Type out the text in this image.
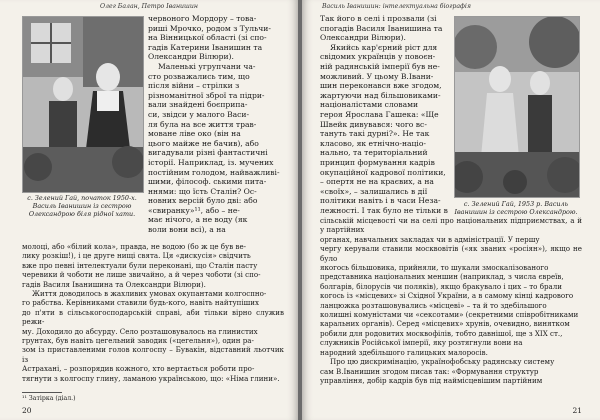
Олег Балан, Петро Іванишин
с. Зелений Гай, початок 1950-х. Василь Іванишин із сестрою Олександрою біля рідної хати.
червоного Мордору – това-
риші Мрочко, родом з Тульчи-
на Вінницької області (зі спо-
гадів Катерини Іванишин та
Олександри Вілюри).
Маленькі угрупчани ча-
сто розважались тим, що
після війни – стрілки з
різноманітної зброї та підри-
вали знайдені боєприпа-
си, звідси у малого Васи-
ля була на все життя трав-
моване ліве око (він на
цього майже не бачив), або
вигадували різні фантастичні
історії. Наприклад, із. мучених
постійним голодом, найважливі-
шими, філософ. ськими пита-
ннями: що їсть Сталін? Ос-
новних версій було дві: або
«свиранку»¹¹, або – не-
має нічого, а не воду (як
воли вони всі), а на
молоці, або «білий кола», правда, не водою (бо ж це був ве-
лику розкіш!), і це друге нищі свята. Ця «дискусія» свідчить
вже про певні інтелектуали були переконані, що Сталін пасту
черевики й чоботи не лише звичайно, а й через чоботи (зі спо-
гадів Василя Іванишина та Олександри Вілюри).
Життя доводилось в жахливих умовах окупантами колгоспно-
го рабства. Керівниками ставили будь-кого, навіть найтупіших
до п'яти в сільськогосподарській справі, аби тільки вірно служив режи-
му. Доходило до абсурду. Село розташовувалось на глинистих
грунтах, був навіть цегельний заводик («цегельня»), один ра-
зом із приставленими голов колгоспу – Бувакін, відставний льотчик із
Астрахані, – розпорядив кожного, хто вертається роботи про-
тягнути з колгоспу глину, ламаною українською, що: «Німа глини».
¹¹ Затірка (діал.)
20
Василь Іванишин: інтелектуальна біографія
Так його в селі і прозвали (зі
спогадів Василя Іванишина та
Олександри Вілюри).
Якийсь кар'єрний ріст для
свідомих українців у повоєн-
ній радянській імперії був не-
можливий. У цьому В.Івани-
шин переконався вже згодом,
жартуючи над більшовиками-
націоналістами словами
героя Ярослава Гашека: «Ще
Швейк дивувався: чого вс-
тануть такі дурні?». Не так
класово, як етнічно-націо-
нально, та територіальний
принцип формування кадрів
окупаційної кадрової політики,
– опертя не на краєвих, а на
«своїх», – залишались в дії
політики навіть і в часи Неза-
лежності. І так було не тільки в
с. Зелений Гай, 1953 р. Василь Іванишин із сестрою Олександрою.
сільській місцевості чи на селі про національних підприємствах, а й у партійних
органах, навчальних закладах чи в адміністрації. У першу
чергу керували ставили москвовітів («як званих «росіян»), якщо не було
якогось більшовика, прийняли, то шукали змоскалізованого
представника національних меншин (наприклад, з числа євреїв,
болгарів, білорусів чи поляків), якщо бракувало і цих – то брали
когось із «місцевих» зі Східної України, а в самому кінці кадрового
ланцюжка розташовувались «місцеві» – та й то здебільшого
колишні комуністами чи «сексотами» (секретними співробітниками
каральних органів). Серед «місцевих» хрунів, очевидно, винятком
робили для родовитих москвофілів, тобто давнішої, ще з XIX ст.,
служників Російської імперії, яку розтягнули вони на
народний здебільшого галицьких малоросів.
Про цю дискримінацію, українофобську радянську систему
сам В.Іванишин згодом писав так: «Формування структур
управління, добір кадрів був під наймісцевішим партійним
21
